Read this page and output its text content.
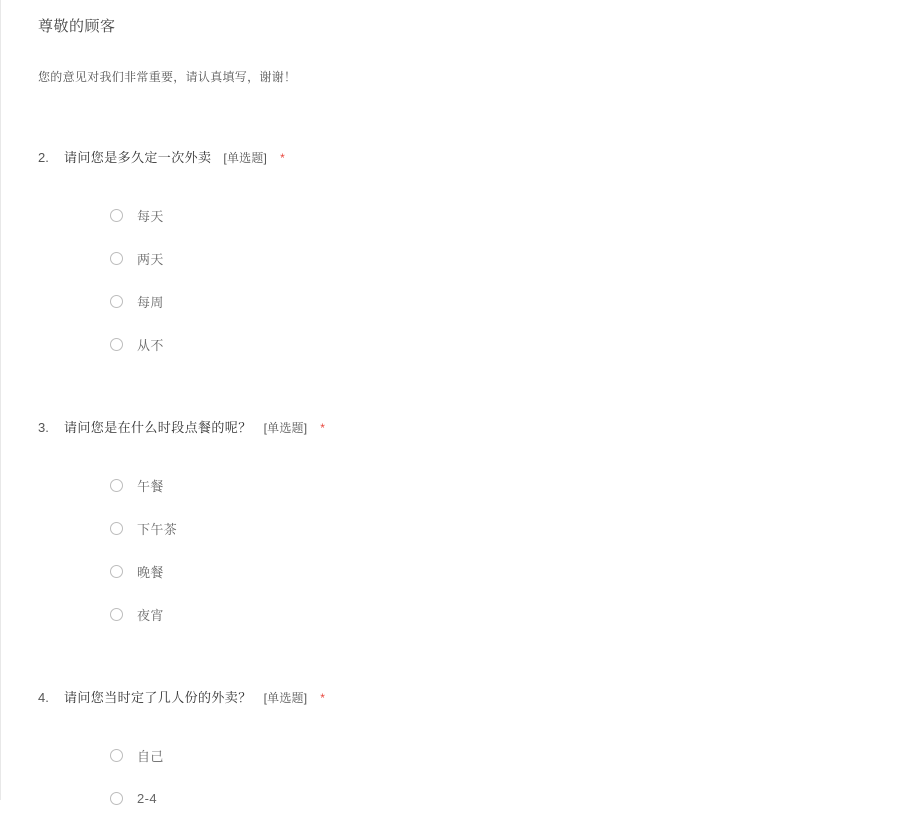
尊敬的顾客
您的意见对我们非常重要，请认真填写，谢谢！
2.	请问您是多久定一次外卖 [单选题] *
每天
两天
每周
从不
3.	请问您是在什么时段点餐的呢？ [单选题] *
午餐
下午茶
晚餐
夜宵
4.	请问您当时定了几人份的外卖？ [单选题] *
自己
2-4
